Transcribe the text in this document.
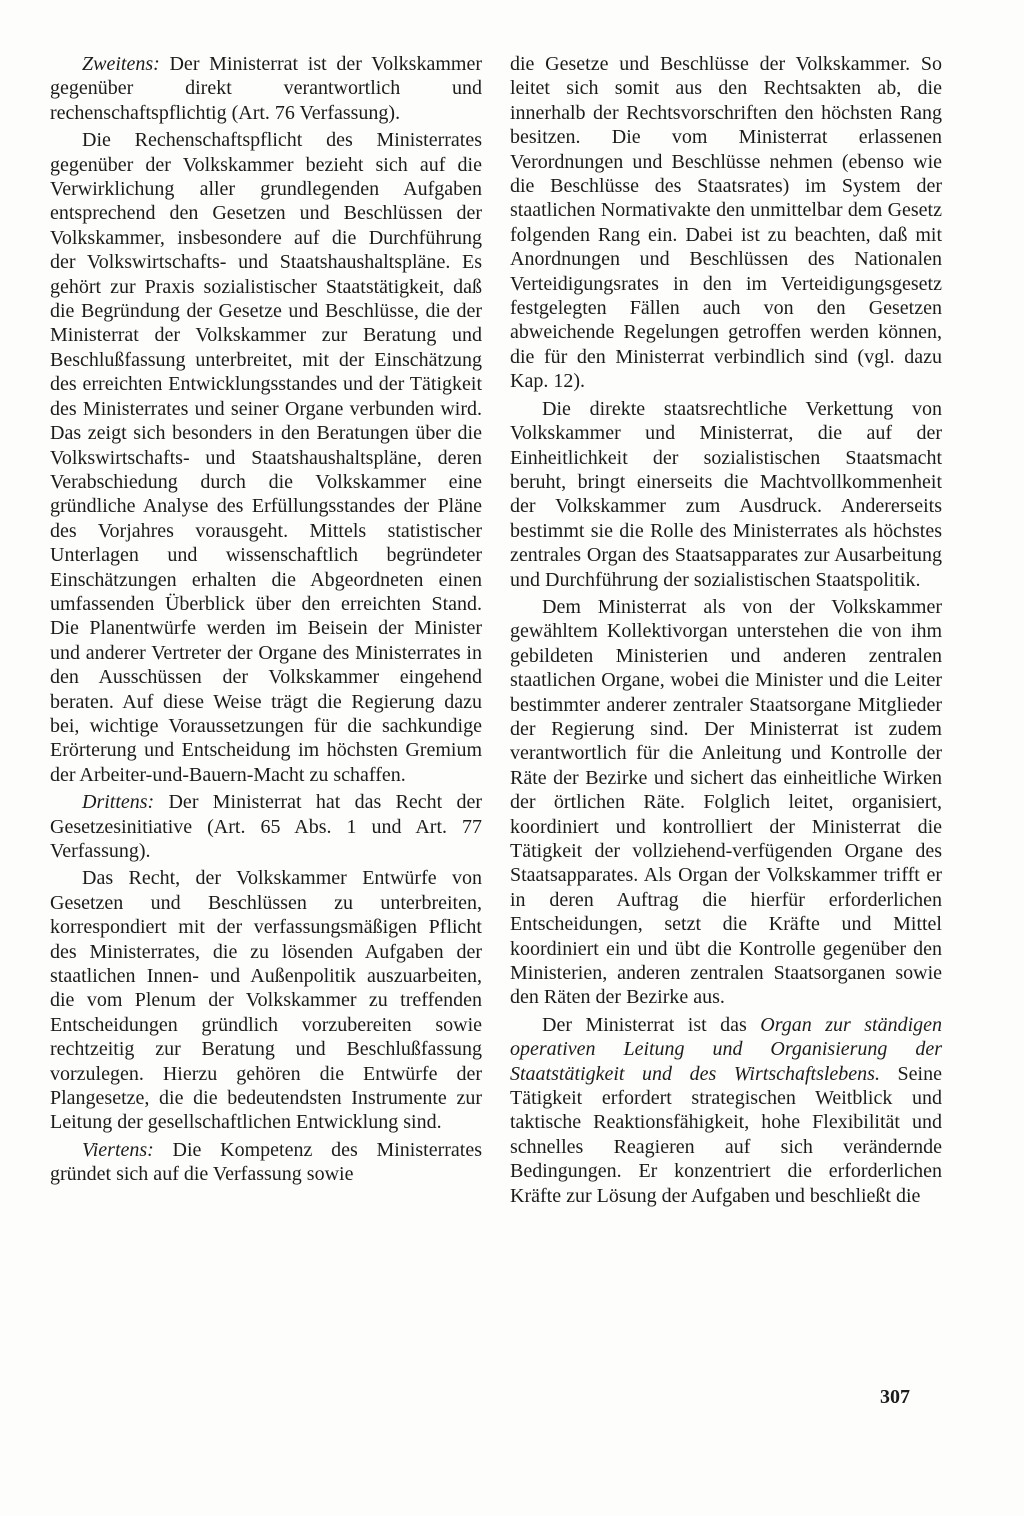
Zweitens: Der Ministerrat ist der Volkskammer gegenüber direkt verantwortlich und rechenschaftspflichtig (Art. 76 Verfassung).

Die Rechenschaftspflicht des Ministerrates gegenüber der Volkskammer bezieht sich auf die Verwirklichung aller grundlegenden Aufgaben entsprechend den Gesetzen und Beschlüssen der Volkskammer, insbesondere auf die Durchführung der Volkswirtschafts- und Staatshaushaltspläne. Es gehört zur Praxis sozialistischer Staatstätigkeit, daß die Begründung der Gesetze und Beschlüsse, die der Ministerrat der Volkskammer zur Beratung und Beschlußfassung unterbreitet, mit der Einschätzung des erreichten Entwicklungsstandes und der Tätigkeit des Ministerrates und seiner Organe verbunden wird. Das zeigt sich besonders in den Beratungen über die Volkswirtschafts- und Staatshaushaltspläne, deren Verabschiedung durch die Volkskammer eine gründliche Analyse des Erfüllungsstandes der Pläne des Vorjahres vorausgeht. Mittels statistischer Unterlagen und wissenschaftlich begründeter Einschätzungen erhalten die Abgeordneten einen umfassenden Überblick über den erreichten Stand. Die Planentwürfe werden im Beisein der Minister und anderer Vertreter der Organe des Ministerrates in den Ausschüssen der Volkskammer eingehend beraten. Auf diese Weise trägt die Regierung dazu bei, wichtige Voraussetzungen für die sachkundige Erörterung und Entscheidung im höchsten Gremium der Arbeiter-und-Bauern-Macht zu schaffen.

Drittens: Der Ministerrat hat das Recht der Gesetzesinitiative (Art. 65 Abs. 1 und Art. 77 Verfassung).

Das Recht, der Volkskammer Entwürfe von Gesetzen und Beschlüssen zu unterbreiten, korrespondiert mit der verfassungsmäßigen Pflicht des Ministerrates, die zu lösenden Aufgaben der staatlichen Innen- und Außenpolitik auszuarbeiten, die vom Plenum der Volkskammer zu treffenden Entscheidungen gründlich vorzubereiten sowie rechtzeitig zur Beratung und Beschlußfassung vorzulegen. Hierzu gehören die Entwürfe der Plangesetze, die die bedeutendsten Instrumente zur Leitung der gesellschaftlichen Entwicklung sind.

Viertens: Die Kompetenz des Ministerrates gründet sich auf die Verfassung sowie

die Gesetze und Beschlüsse der Volkskammer. So leitet sich somit aus den Rechtsakten ab, die innerhalb der Rechtsvorschriften den höchsten Rang besitzen. Die vom Ministerrat erlassenen Verordnungen und Beschlüsse nehmen (ebenso wie die Beschlüsse des Staatsrates) im System der staatlichen Normativakte den unmittelbar dem Gesetz folgenden Rang ein. Dabei ist zu beachten, daß mit Anordnungen und Beschlüssen des Nationalen Verteidigungsrates in den im Verteidigungsgesetz festgelegten Fällen auch von den Gesetzen abweichende Regelungen getroffen werden können, die für den Ministerrat verbindlich sind (vgl. dazu Kap. 12).

Die direkte staatsrechtliche Verkettung von Volkskammer und Ministerrat, die auf der Einheitlichkeit der sozialistischen Staatsmacht beruht, bringt einerseits die Machtvollkommenheit der Volkskammer zum Ausdruck. Andererseits bestimmt sie die Rolle des Ministerrates als höchstes zentrales Organ des Staatsapparates zur Ausarbeitung und Durchführung der sozialistischen Staatspolitik.

Dem Ministerrat als von der Volkskammer gewähltem Kollektivorgan unterstehen die von ihm gebildeten Ministerien und anderen zentralen staatlichen Organe, wobei die Minister und die Leiter bestimmter anderer zentraler Staatsorgane Mitglieder der Regierung sind. Der Ministerrat ist zudem verantwortlich für die Anleitung und Kontrolle der Räte der Bezirke und sichert das einheitliche Wirken der örtlichen Räte. Folglich leitet, organisiert, koordiniert und kontrolliert der Ministerrat die Tätigkeit der vollziehend-verfügenden Organe des Staatsapparates. Als Organ der Volkskammer trifft er in deren Auftrag die hierfür erforderlichen Entscheidungen, setzt die Kräfte und Mittel koordiniert ein und übt die Kontrolle gegenüber den Ministerien, anderen zentralen Staatsorganen sowie den Räten der Bezirke aus.

Der Ministerrat ist das Organ zur ständigen operativen Leitung und Organisierung der Staatstätigkeit und des Wirtschaftslebens. Seine Tätigkeit erfordert strategischen Weitblick und taktische Reaktionsfähigkeit, hohe Flexibilität und schnelles Reagieren auf sich verändernde Bedingungen. Er konzentriert die erforderlichen Kräfte zur Lösung der Aufgaben und beschließt die

307
